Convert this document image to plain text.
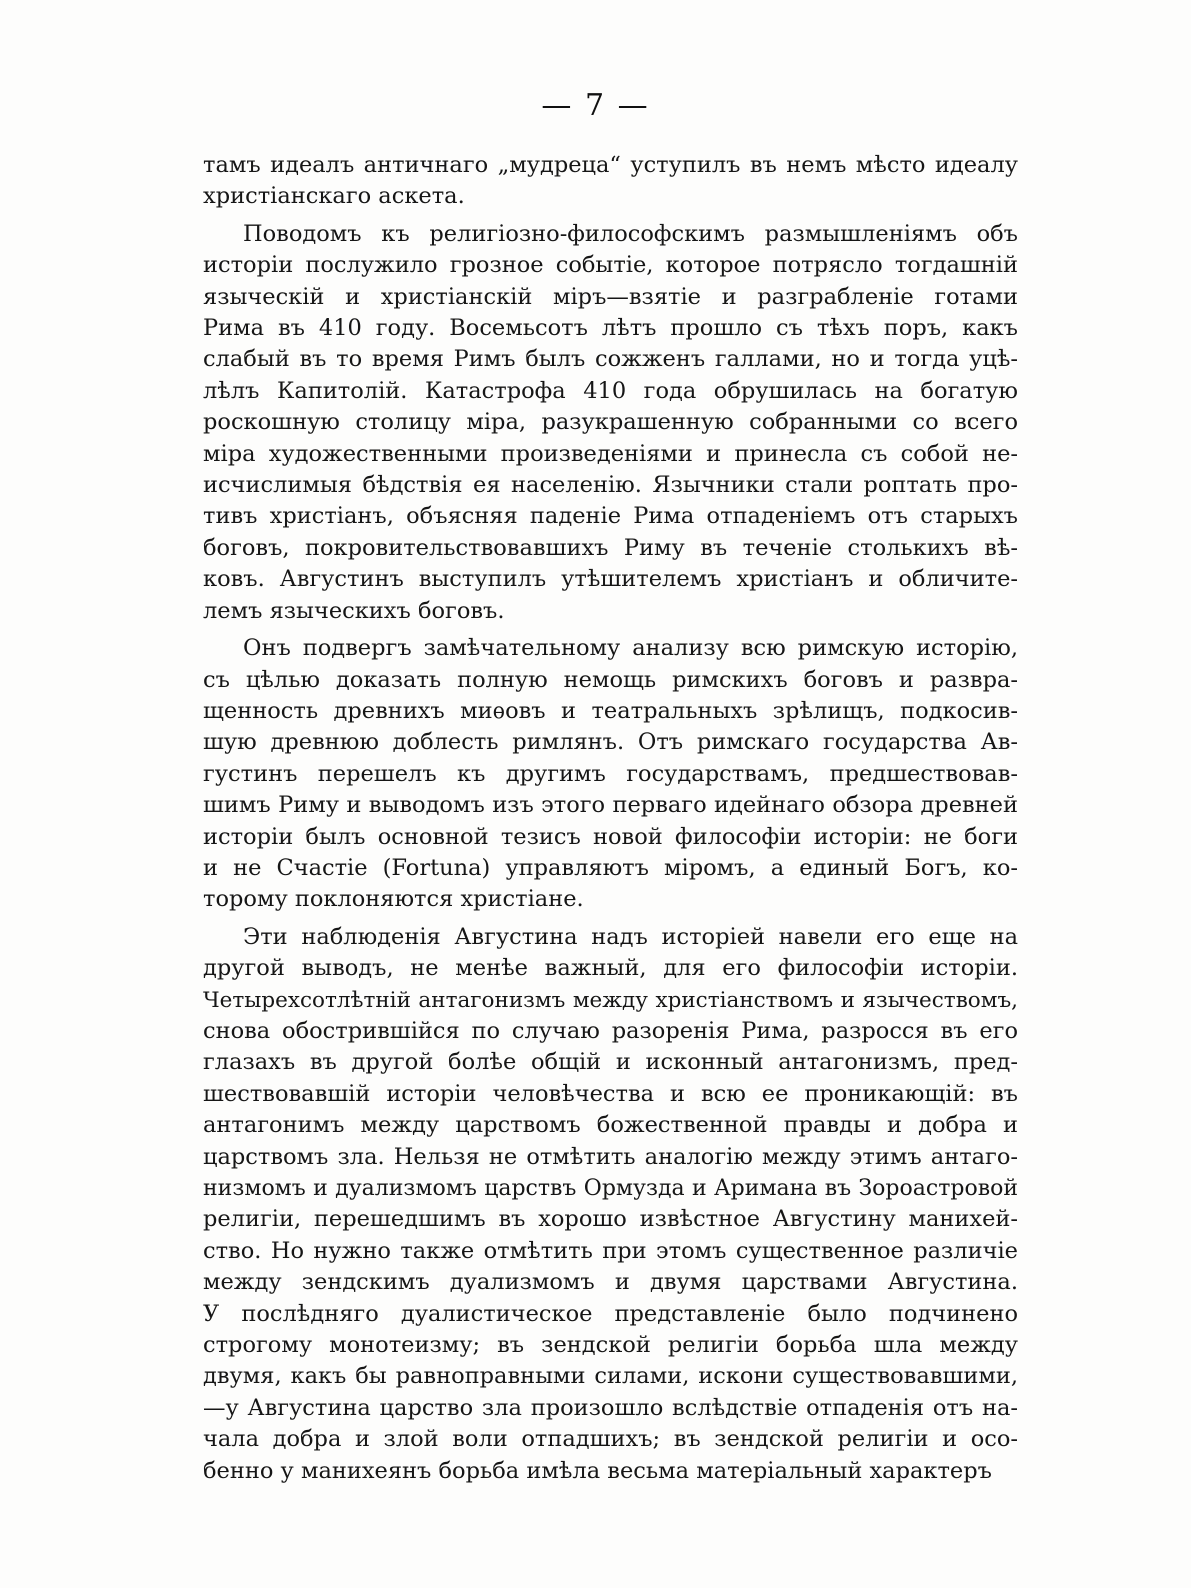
— 7 —
тамъ идеалъ античнаго „мудреца“ уступилъ въ немъ мѣсто идеалу
христіанскаго аскета.
Поводомъ къ религіозно-философскимъ размышленіямъ объ
исторіи послужило грозное событіе, которое потрясло тогдашній
языческій и христіанскій міръ—взятіе и разграбленіе готами
Рима въ 410 году. Восемьсотъ лѣтъ прошло съ тѣхъ поръ, какъ
слабый въ то время Римъ былъ сожженъ галлами, но и тогда уцѣ-
лѣлъ Капитолій. Катастрофа 410 года обрушилась на богатую
роскошную столицу міра, разукрашенную собранными со всего
міра художественными произведеніями и принесла съ собой не-
исчислимыя бѣдствія ея населенію. Язычники стали роптать про-
тивъ христіанъ, объясняя паденіе Рима отпаденіемъ отъ старыхъ
боговъ, покровительствовавшихъ Риму въ теченіе столькихъ вѣ-
ковъ. Августинъ выступилъ утѣшителемъ христіанъ и обличите-
лемъ языческихъ боговъ.
Онъ подвергъ замѣчательному анализу всю римскую исторію,
съ цѣлью доказать полную немощь римскихъ боговъ и развра-
щенность древнихъ миѳовъ и театральныхъ зрѣлищъ, подкосив-
шую древнюю доблесть римлянъ. Отъ римскаго государства Ав-
густинъ перешелъ къ другимъ государствамъ, предшествовав-
шимъ Риму и выводомъ изъ этого перваго идейнаго обзора древней
исторіи былъ основной тезисъ новой философіи исторіи: не боги
и не Счастіе (Fortuna) управляютъ міромъ, а единый Богъ, ко-
торому поклоняются христіане.
Эти наблюденія Августина надъ исторіей навели его еще на
другой выводъ, не менѣе важный, для его философіи исторіи.
Четырехсотлѣтній антагонизмъ между христіанствомъ и язычествомъ,
снова обострившійся по случаю разоренія Рима, разросся въ его
глазахъ въ другой болѣе общій и исконный антагонизмъ, пред-
шествовавшій исторіи человѣчества и всю ее проникающій: въ
антагонимъ между царствомъ божественной правды и добра и
царствомъ зла. Нельзя не отмѣтить аналогію между этимъ антаго-
низмомъ и дуализмомъ царствъ Ормузда и Аримана въ Зороастровой
религіи, перешедшимъ въ хорошо извѣстное Августину манихей-
ство. Но нужно также отмѣтить при этомъ существенное различіе
между зендскимъ дуализмомъ и двумя царствами Августина.
У послѣдняго дуалистическое представленіе было подчинено
строгому монотеизму; въ зендской религіи борьба шла между
двумя, какъ бы равноправными силами, искони существовавшими,
—у Августина царство зла произошло вслѣдствіе отпаденія отъ на-
чала добра и злой воли отпадшихъ; въ зендской религіи и осо-
бенно у манихеянъ борьба имѣла весьма матеріальный характеръ
